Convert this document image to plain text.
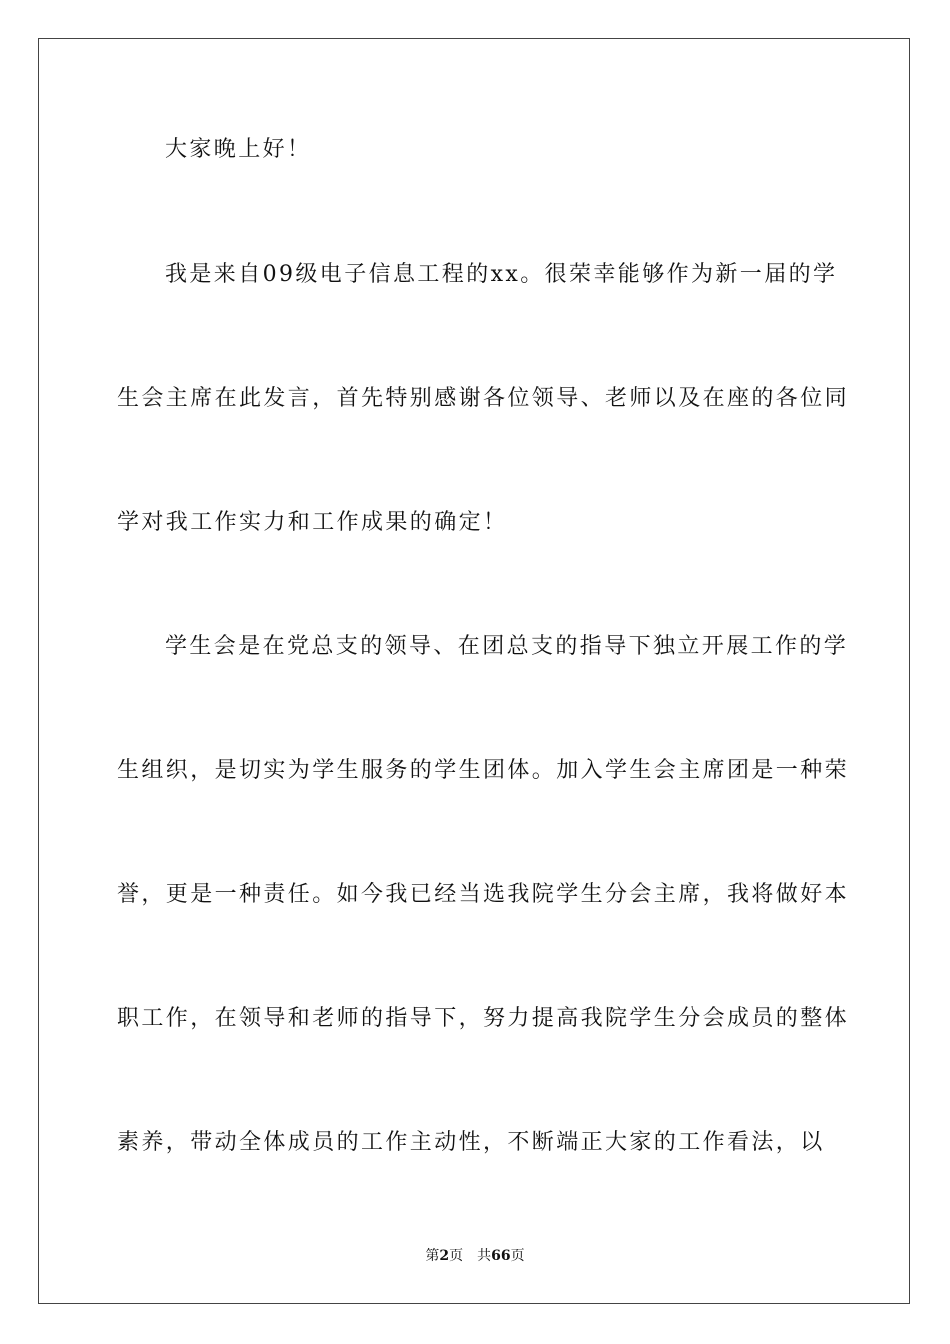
大家晚上好！
我是来自09级电子信息工程的xx。很荣幸能够作为新一届的学
生会主席在此发言，首先特别感谢各位领导、老师以及在座的各位同
学对我工作实力和工作成果的确定！
学生会是在党总支的领导、在团总支的指导下独立开展工作的学
生组织，是切实为学生服务的学生团体。加入学生会主席团是一种荣
誉，更是一种责任。如今我已经当选我院学生分会主席，我将做好本
职工作，在领导和老师的指导下，努力提高我院学生分会成员的整体
素养，带动全体成员的工作主动性，不断端正大家的工作看法，以
第2页 共66页
